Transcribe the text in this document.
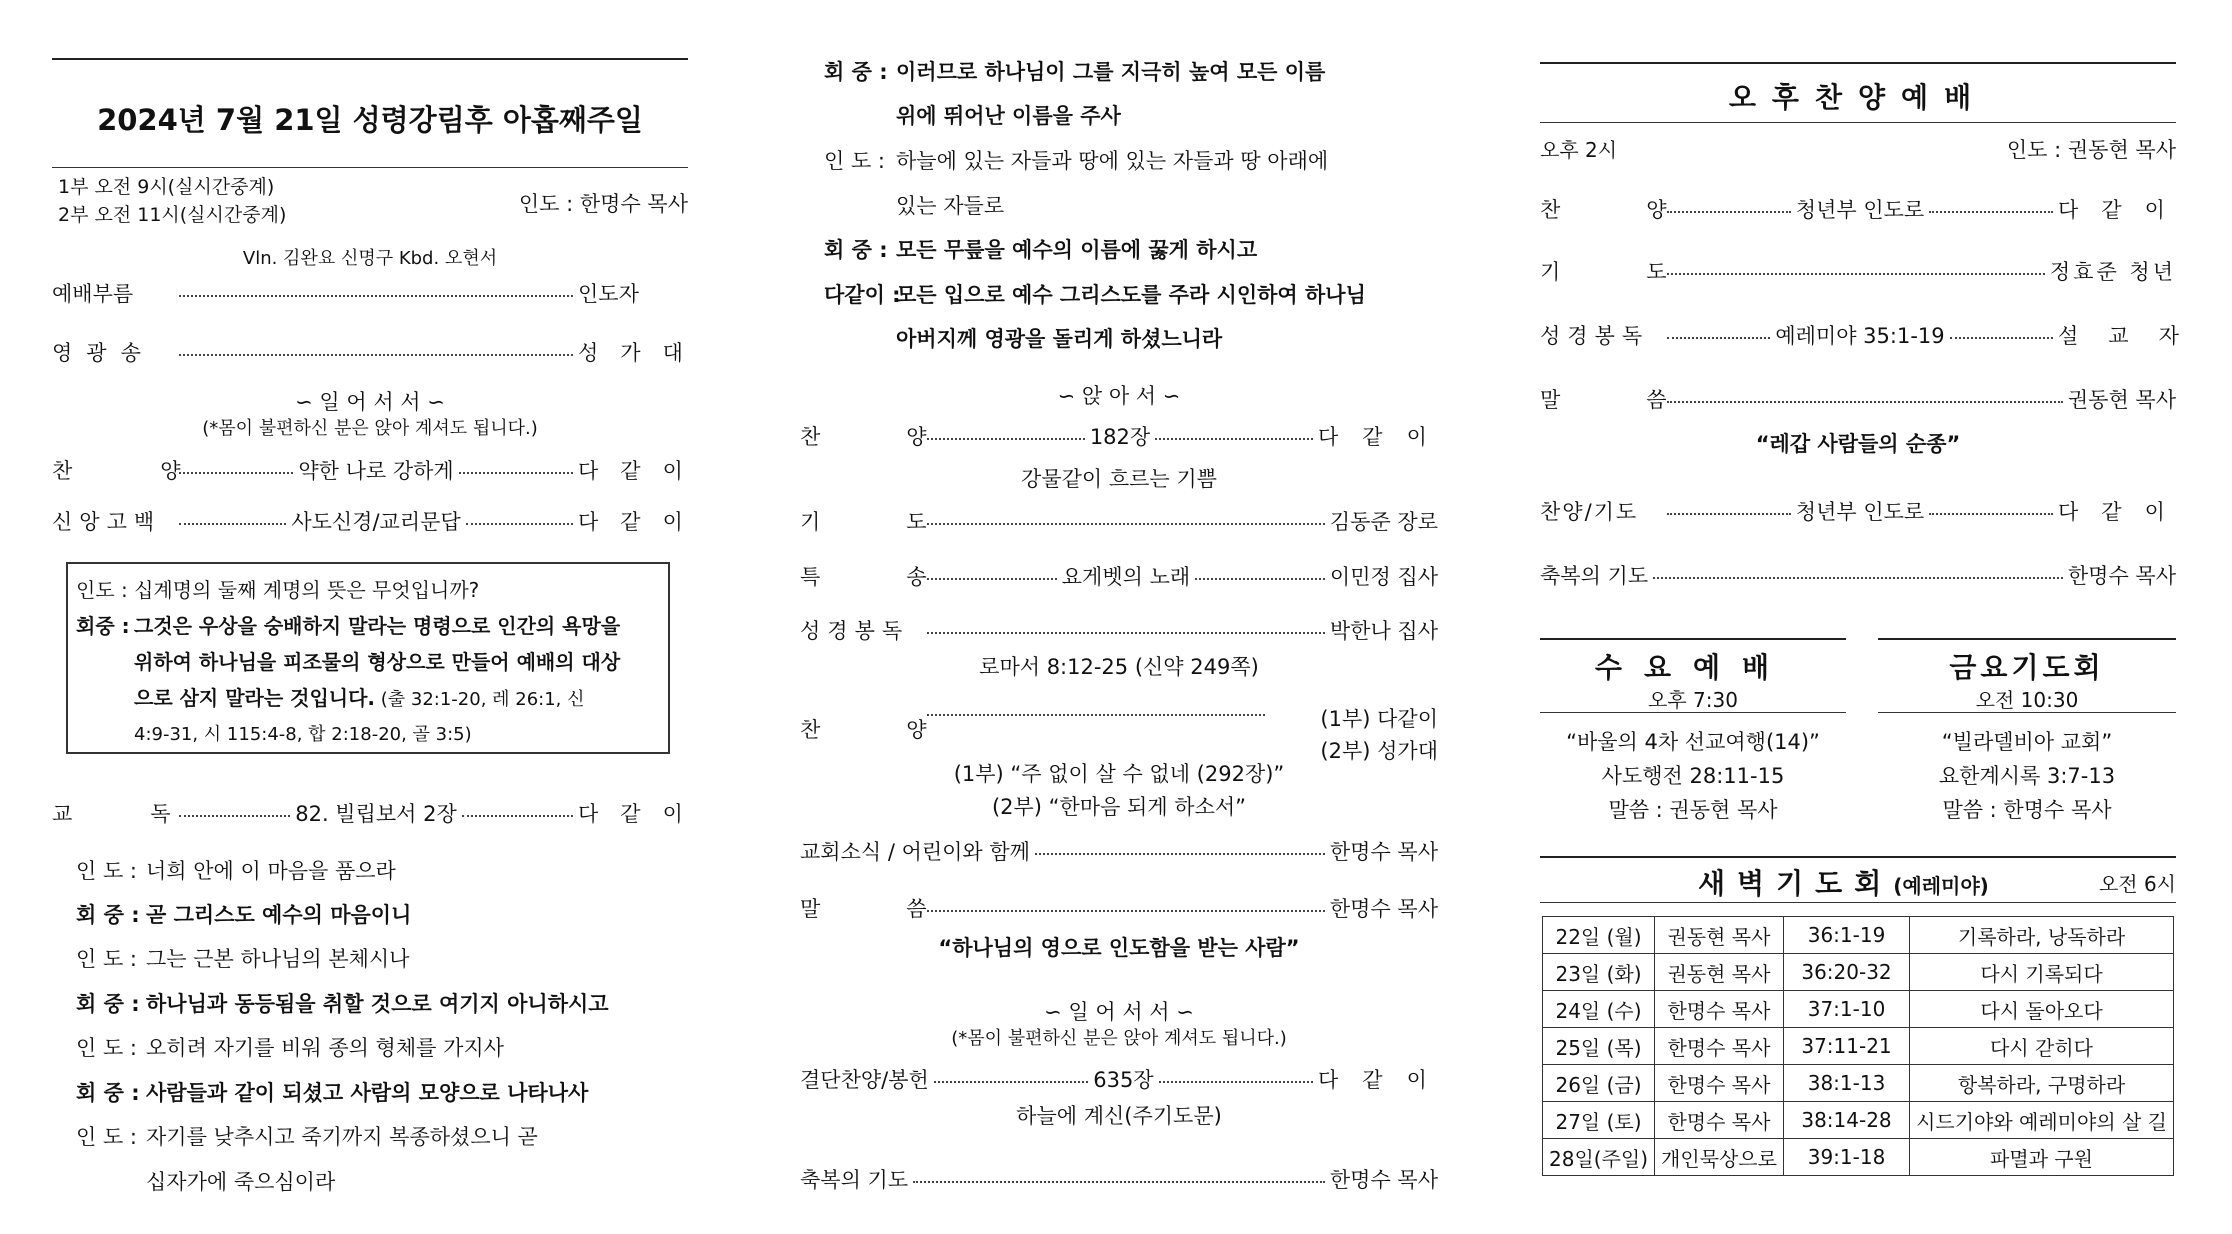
2024년 7월 21일 성령강림후 아홉째주일
1부 오전 9시(실시간중계)
2부 오전 11시(실시간중계)	인도 : 한명수 목사
Vln. 김완요 신명구 Kbd. 오현서
예배부름	인도자
영광송	성가대
∽ 일 어 서 서 ∽
(*몸이 불편하신 분은 앉아 계셔도 됩니다.)
찬양 약한 나로 강하게	다같이
신앙고백	사도신경/교리문답	다같이
인도 : 십계명의 둘째 계명의 뜻은 무엇입니까?
회중 : 그것은 우상을 숭배하지 말라는 명령으로 인간의 욕망을
위하여 하나님을 피조물의 형상으로 만들어 예배의 대상
으로 삼지 말라는 것입니다. (출 32:1-20, 레 26:1, 신
4:9-31, 시 115:4-8, 합 2:18-20, 골 3:5)
교독 82. 빌립보서 2장	다같이
인 도 : 너희 안에 이 마음을 품으라
회 중 : 곧 그리스도 예수의 마음이니
인 도 : 그는 근본 하나님의 본체시나
회 중 : 하나님과 동등됨을 취할 것으로 여기지 아니하시고
인 도 : 오히려 자기를 비워 종의 형체를 가지사
회 중 : 사람들과 같이 되셨고 사람의 모양으로 나타나사
인 도 : 자기를 낮추시고 죽기까지 복종하셨으니 곧
십자가에 죽으심이라
회 중 : 이러므로 하나님이 그를 지극히 높여 모든 이름
위에 뛰어난 이름을 주사
인 도 : 하늘에 있는 자들과 땅에 있는 자들과 땅 아래에
있는 자들로
회 중 : 모든 무릎을 예수의 이름에 꿇게 하시고
다같이 :모든 입으로 예수 그리스도를 주라 시인하여 하나님
아버지께 영광을 돌리게 하셨느니라
∽ 앉 아 서 ∽
찬양	182장	다같이
강물같이 흐르는 기쁨
기도	김동준 장로
특송 요게벳의 노래	이민정 집사
성경봉독	박한나 집사
로마서 8:12-25 (신약 249쪽)
찬양	(1부) 다같이
(2부) 성가대
(1부) “주 없이 살 수 없네 (292장)”
(2부) “한마음 되게 하소서”
교회소식 / 어린이와 함께	한명수 목사
말씀	한명수 목사
“하나님의 영으로 인도함을 받는 사람”
∽ 일 어 서 서 ∽
(*몸이 불편하신 분은 앉아 계셔도 됩니다.)
결단찬양/봉헌	635장	다같이
하늘에 계신(주기도문)
축복의 기도	한명수 목사
오후찬양예배
오후 2시	인도 : 권동현 목사
찬양 청년부 인도로	다같이
기도	정효준 청년
성경봉독	예레미야 35:1-19	설교자
말씀	권동현 목사
“레갑 사람들의 순종”
찬양/기도	청년부 인도로	다같이
축복의 기도	한명수 목사
수요예배
오후 7:30
“바울의 4차 선교여행(14)”
사도행전 28:11-15
말씀 : 권동현 목사
금요기도회
오전 10:30
“빌라델비아 교회”
요한계시록 3:7-13
말씀 : 한명수 목사
새벽기도회(예레미야)	오전 6시
22일 (월)	권동현 목사	36:1-19	기록하라, 낭독하라
23일 (화)	권동현 목사	36:20-32	다시 기록되다
24일 (수)	한명수 목사	37:1-10	다시 돌아오다
25일 (목)	한명수 목사	37:11-21	다시 갇히다
26일 (금)	한명수 목사	38:1-13	항복하라, 구명하라
27일 (토)	한명수 목사	38:14-28	시드기야와 예레미야의 살 길
28일(주일)	개인묵상으로	39:1-18	파멸과 구원
